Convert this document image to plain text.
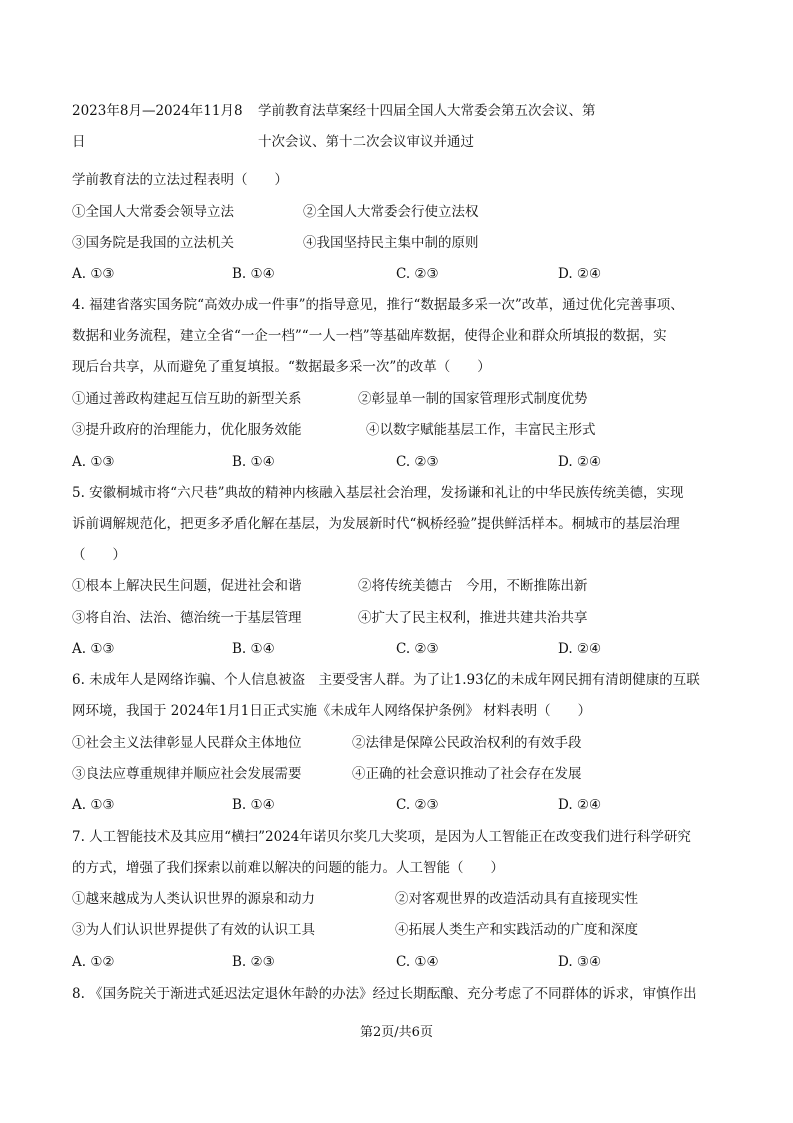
2023年8月—2024年11月8 学前教育法草案经十四届全国人大常委会第五次会议、第
日	十次会议、第十二次会议审议并通过
学前教育法的立法过程表明（　　）
①全国人大常委会领导立法	②全国人大常委会行使立法权
③国务院是我国的立法机关	④我国坚持民主集中制的原则
A. ①③	B. ①④	C. ②③	D. ②④
4. 福建省落实国务院“高效办成一件事”的指导意见，推行“数据最多采一次”改革，通过优化完善事项、
数据和业务流程，建立全省“一企一档”“一人一档”等基础库数据，使得企业和群众所填报的数据，实
现后台共享，从而避免了重复填报。“数据最多采一次”的改革（　　）
①通过善政构建起互信互助的新型关系	②彰显单一制的国家管理形式制度优势
③提升政府的治理能力，优化服务效能	④以数字赋能基层工作，丰富民主形式
A. ①③	B. ①④	C. ②③	D. ②④
5. 安徽桐城市将“六尺巷”典故的精神内核融入基层社会治理，发扬谦和礼让的中华民族传统美德，实现
诉前调解规范化，把更多矛盾化解在基层，为发展新时代“枫桥经验”提供鲜活样本。桐城市的基层治理
（　　）
①根本上解决民生问题，促进社会和谐	②将传统美德古　今用，不断推陈出新
③将自治、法治、德治统一于基层管理	④扩大了民主权利，推进共建共治共享
A. ①③	B. ①④	C. ②③	D. ②④
6. 未成年人是网络诈骗、个人信息被盗　主要受害人群。为了让1.93亿的未成年网民拥有清朗健康的互联
网环境，我国于 2024年1月1日正式实施《未成年人网络保护条例》 材料表明（　　）
①社会主义法律彰显人民群众主体地位	②法律是保障公民政治权利的有效手段
③良法应尊重规律并顺应社会发展需要	④正确的社会意识推动了社会存在发展
A. ①③	B. ①④	C. ②③	D. ②④
7. 人工智能技术及其应用“横扫”2024年诺贝尔奖几大奖项，是因为人工智能正在改变我们进行科学研究
的方式，增强了我们探索以前难以解决的问题的能力。人工智能（　　）
①越来越成为人类认识世界的源泉和动力	②对客观世界的改造活动具有直接现实性
③为人们认识世界提供了有效的认识工具	④拓展人类生产和实践活动的广度和深度
A. ①②	B. ②③	C. ①④	D. ③④
8. 《国务院关于渐进式延迟法定退休年龄的办法》经过长期酝酿、充分考虑了不同群体的诉求，审慎作出
第2页/共6页
